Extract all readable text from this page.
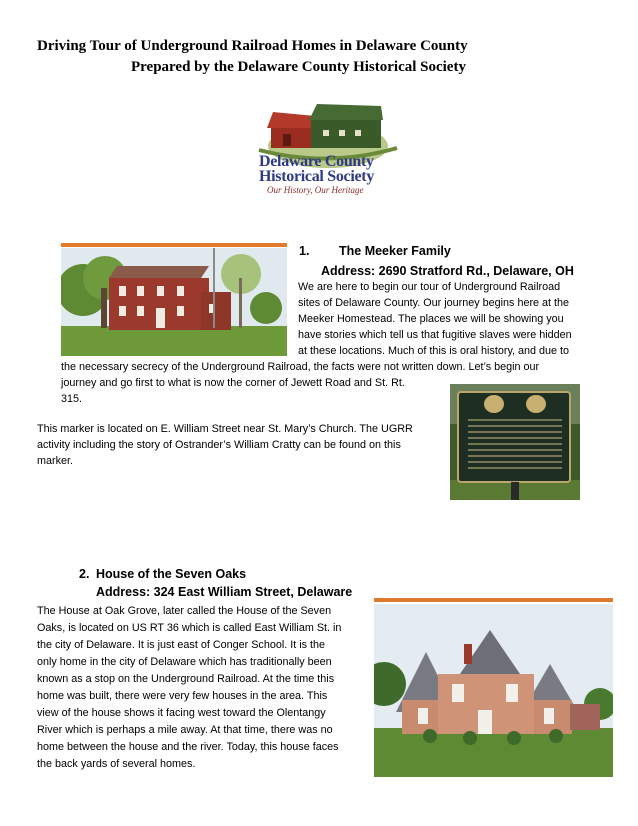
Driving Tour of Underground Railroad Homes in Delaware County
Prepared by the Delaware County Historical Society
Delaware County
Historical Society
Our History, Our Heritage
1. The Meeker Family
Address: 2690 Stratford Rd., Delaware, OH
We are here to begin our tour of Underground Railroad
sites of Delaware County. Our journey begins here at the
Meeker Homestead. The places we will be showing you
have stories which tell us that fugitive slaves were hidden
at these locations. Much of this is oral history, and due to
the necessary secrecy of the Underground Railroad, the facts were not written down. Let’s begin our
journey and go first to what is now the corner of Jewett Road and St. Rt.
315.
This marker is located on E. William Street near St. Mary’s Church. The UGRR
activity including the story of Ostrander’s William Cratty can be found on this
marker.
2. House of the Seven Oaks
Address: 324 East William Street, Delaware
The House at Oak Grove, later called the House of the Seven
Oaks, is located on US RT 36 which is called East William St. in
the city of Delaware. It is just east of Conger School. It is the
only home in the city of Delaware which has traditionally been
known as a stop on the Underground Railroad. At the time this
home was built, there were very few houses in the area. This
view of the house shows it facing west toward the Olentangy
River which is perhaps a mile away. At that time, there was no
home between the house and the river. Today, this house faces
the back yards of several homes.
